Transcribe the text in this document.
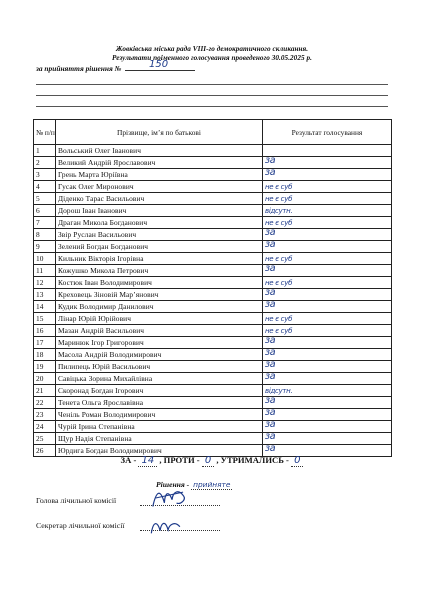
Жовківська міська рада VIII-го демократичного скликання.
Результати поіменного голосування проведеного 30.05.2025 р.
за прийняття рішення №	150
№ п/п	Прізвище, ім’я по батькові	Результат голосування
1	Вольський Олег Іванович	

2	Великий Андрій Ярославович	за

3	Грень Марта Юріївна	за

4	Гусак Олег Миронович	не є суб

5	Діденко Тарас Васильович	не є суб

6	Дорош Іван Іванович	відсутн.

7	Драган Микола Богданович	не є суб

8	Звір Руслан Васильович	за

9	Зелений Богдан Богданович	за

10	Кильник Вікторія Ігорівна	не є суб

11	Кожушко Микола Петрович	за

12	Костюк Іван Володимирович	не є суб

13	Креховець Зіновій Мар’янович	за

14	Кудик Володимир Данилович	за

15	Лінар Юрій Юрійович	не є суб

16	Мазан Андрій Васильович	не є суб

17	Маринюк Ігор Григорович	за

18	Масола Андрій Володимирович	за

19	Пилипець Юрій Васильович	за

20	Савіцька Зорина Михайлівна	за

21	Скоронад Богдан Ігорович	відсутн.

22	Тенета Ольга Ярославівна	за

23	Ченіль Роман Володимирович	за

24	Чурій Ірина Степанівна	за

25	Щур Надія Степанівна	за

26	Юрдига Богдан Володимирович	за
ЗА - 14 , ПРОТИ - 0 , УТРИМАЛИСЬ - 0
Рішення - прийняте
Голова лічильної комісії
Секретар лічильної комісії
